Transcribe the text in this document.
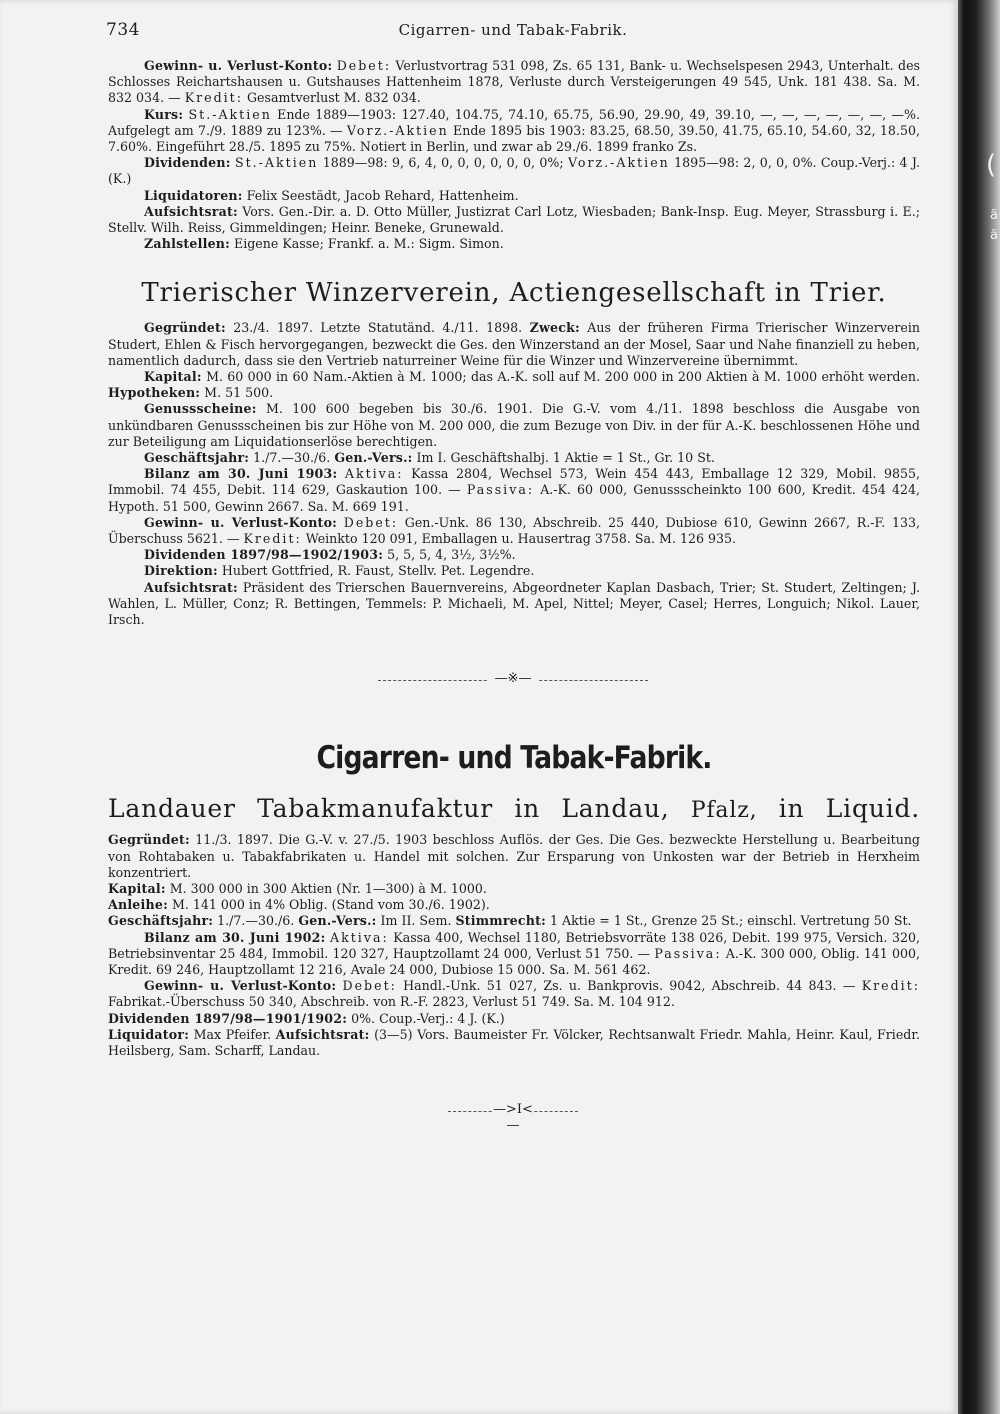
734	Cigarren- und Tabak-Fabrik.

Gewinn- u. Verlust-Konto: Debet: Verlustvortrag 531 098, Zs. 65 131, Bank- u. Wechselspesen 2943, Unterhalt. des Schlosses Reichartshausen u. Gutshauses Hattenheim 1878, Verluste durch Versteigerungen 49 545, Unk. 181 438. Sa. M. 832 034. — Kredit: Gesamtverlust M. 832 034.

Kurs: St.-Aktien Ende 1889—1903: 127.40, 104.75, 74.10, 65.75, 56.90, 29.90, 49, 39.10, —, —, —, —, —, —, —%. Aufgelegt am 7./9. 1889 zu 123%. — Vorz.-Aktien Ende 1895 bis 1903: 83.25, 68.50, 39.50, 41.75, 65.10, 54.60, 32, 18.50, 7.60%. Eingeführt 28./5. 1895 zu 75%. Notiert in Berlin, und zwar ab 29./6. 1899 franko Zs.

Dividenden: St.-Aktien 1889—98: 9, 6, 4, 0, 0, 0, 0, 0, 0, 0%; Vorz.-Aktien 1895—98: 2, 0, 0, 0%. Coup.-Verj.: 4 J. (K.)

Liquidatoren: Felix Seestädt, Jacob Rehard, Hattenheim.

Aufsichtsrat: Vors. Gen.-Dir. a. D. Otto Müller, Justizrat Carl Lotz, Wiesbaden; Bank-Insp. Eug. Meyer, Strassburg i. E.; Stellv. Wilh. Reiss, Gimmeldingen; Heinr. Beneke, Grunewald.

Zahlstellen: Eigene Kasse; Frankf. a. M.: Sigm. Simon.

Trierischer Winzerverein, Actiengesellschaft in Trier.

Gegründet: 23./4. 1897. Letzte Statutänd. 4./11. 1898. Zweck: Aus der früheren Firma Trierischer Winzerverein Studert, Ehlen & Fisch hervorgegangen, bezweckt die Ges. den Winzerstand an der Mosel, Saar und Nahe finanziell zu heben, namentlich dadurch, dass sie den Vertrieb naturreiner Weine für die Winzer und Winzervereine übernimmt.

Kapital: M. 60 000 in 60 Nam.-Aktien à M. 1000; das A.-K. soll auf M. 200 000 in 200 Aktien à M. 1000 erhöht werden. Hypotheken: M. 51 500.

Genussscheine: M. 100 600 begeben bis 30./6. 1901. Die G.-V. vom 4./11. 1898 beschloss die Ausgabe von unkündbaren Genussscheinen bis zur Höhe von M. 200 000, die zum Bezuge von Div. in der für A.-K. beschlossenen Höhe und zur Beteiligung am Liquidationserlöse berechtigen.

Geschäftsjahr: 1./7.—30./6. Gen.-Vers.: Im I. Geschäftshalbj. 1 Aktie = 1 St., Gr. 10 St.

Bilanz am 30. Juni 1903: Aktiva: Kassa 2804, Wechsel 573, Wein 454 443, Emballage 12 329, Mobil. 9855, Immobil. 74 455, Debit. 114 629, Gaskaution 100. — Passiva: A.-K. 60 000, Genussscheinkto 100 600, Kredit. 454 424, Hypoth. 51 500, Gewinn 2667. Sa. M. 669 191.

Gewinn- u. Verlust-Konto: Debet: Gen.-Unk. 86 130, Abschreib. 25 440, Dubiose 610, Gewinn 2667, R.-F. 133, Überschuss 5621. — Kredit: Weinkto 120 091, Emballagen u. Hausertrag 3758. Sa. M. 126 935.

Dividenden 1897/98—1902/1903: 5, 5, 5, 4, 3½, 3½%.

Direktion: Hubert Gottfried, R. Faust, Stellv. Pet. Legendre.

Aufsichtsrat: Präsident des Trierschen Bauernvereins, Abgeordneter Kaplan Dasbach, Trier; St. Studert, Zeltingen; J. Wahlen, L. Müller, Conz; R. Bettingen, Temmels: P. Michaeli, M. Apel, Nittel; Meyer, Casel; Herres, Longuich; Nikol. Lauer, Irsch.

—※—
Cigarren- und Tabak-Fabrik.
Landauer Tabakmanufaktur in Landau, Pfalz, in Liquid.

Gegründet: 11./3. 1897. Die G.-V. v. 27./5. 1903 beschloss Auflös. der Ges. Die Ges. bezweckte Herstellung u. Bearbeitung von Rohtabaken u. Tabakfabrikaten u. Handel mit solchen. Zur Ersparung von Unkosten war der Betrieb in Herxheim konzentriert.

Kapital: M. 300 000 in 300 Aktien (Nr. 1—300) à M. 1000.

Anleihe: M. 141 000 in 4% Oblig. (Stand vom 30./6. 1902).

Geschäftsjahr: 1./7.—30./6. Gen.-Vers.: Im II. Sem. Stimmrecht: 1 Aktie = 1 St., Grenze 25 St.; einschl. Vertretung 50 St.

Bilanz am 30. Juni 1902: Aktiva: Kassa 400, Wechsel 1180, Betriebsvorräte 138 026, Debit. 199 975, Versich. 320, Betriebsinventar 25 484, Immobil. 120 327, Hauptzollamt 24 000, Verlust 51 750. — Passiva: A.-K. 300 000, Oblig. 141 000, Kredit. 69 246, Hauptzollamt 12 216, Avale 24 000, Dubiose 15 000. Sa. M. 561 462.

Gewinn- u. Verlust-Konto: Debet: Handl.-Unk. 51 027, Zs. u. Bankprovis. 9042, Abschreib. 44 843. — Kredit: Fabrikat.-Überschuss 50 340, Abschreib. von R.-F. 2823, Verlust 51 749. Sa. M. 104 912.

Dividenden 1897/98—1901/1902: 0%. Coup.-Verj.: 4 J. (K.)

Liquidator: Max Pfeifer. Aufsichtsrat: (3—5) Vors. Baumeister Fr. Völcker, Rechtsanwalt Friedr. Mahla, Heinr. Kaul, Friedr. Heilsberg, Sam. Scharff, Landau.

—>I<—
(
ä
ä
